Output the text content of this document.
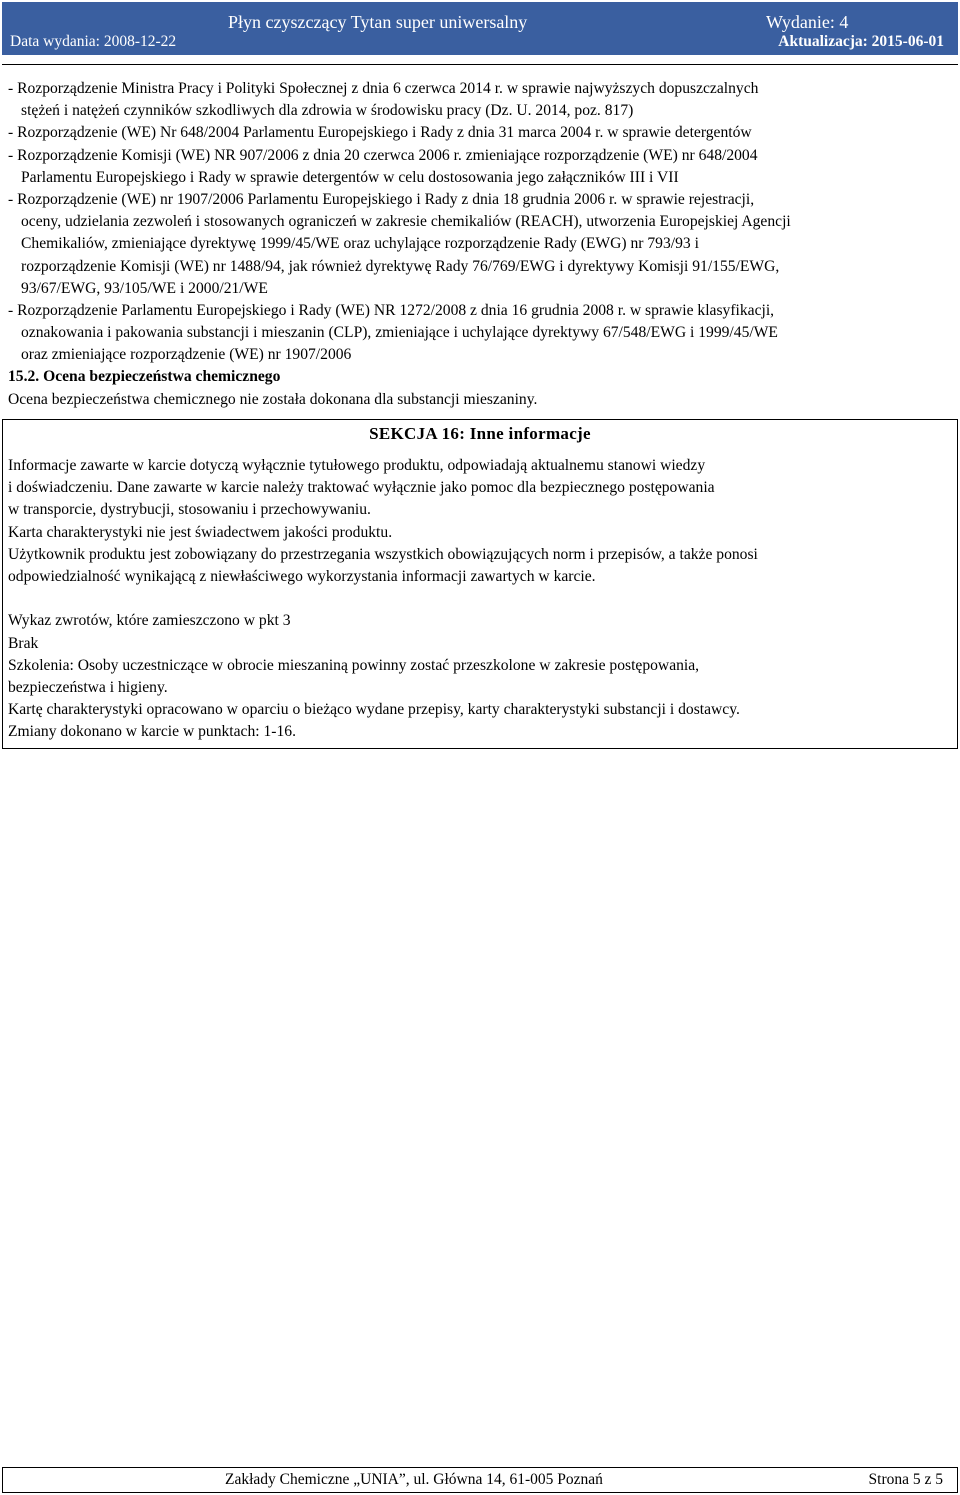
Płyn czyszczący Tytan super uniwersalny
Data wydania: 2008-12-22
Wydanie: 4
Aktualizacja: 2015-06-01
- Rozporządzenie Ministra Pracy i Polityki Społecznej z dnia 6 czerwca 2014 r. w sprawie najwyższych dopuszczalnych
stężeń i natężeń czynników szkodliwych dla zdrowia w środowisku pracy (Dz. U. 2014, poz. 817)
- Rozporządzenie (WE) Nr 648/2004 Parlamentu Europejskiego i Rady z dnia 31 marca 2004 r. w sprawie detergentów
- Rozporządzenie Komisji (WE) NR 907/2006 z dnia 20 czerwca 2006 r. zmieniające rozporządzenie (WE) nr 648/2004
Parlamentu Europejskiego i Rady w sprawie detergentów w celu dostosowania jego załączników III i VII
- Rozporządzenie (WE) nr 1907/2006 Parlamentu Europejskiego i Rady z dnia 18 grudnia 2006 r. w sprawie rejestracji,
oceny, udzielania zezwoleń i stosowanych ograniczeń w zakresie chemikaliów (REACH), utworzenia Europejskiej Agencji
Chemikaliów, zmieniające dyrektywę 1999/45/WE oraz uchylające rozporządzenie Rady (EWG) nr 793/93 i
rozporządzenie Komisji (WE) nr 1488/94, jak również dyrektywę Rady 76/769/EWG i dyrektywy Komisji 91/155/EWG,
93/67/EWG, 93/105/WE i 2000/21/WE
- Rozporządzenie Parlamentu Europejskiego i Rady (WE) NR 1272/2008 z dnia 16 grudnia 2008 r. w sprawie klasyfikacji,
oznakowania i pakowania substancji i mieszanin (CLP), zmieniające i uchylające dyrektywy 67/548/EWG i 1999/45/WE
oraz zmieniające rozporządzenie (WE) nr 1907/2006
15.2. Ocena bezpieczeństwa chemicznego
Ocena bezpieczeństwa chemicznego nie została dokonana dla substancji mieszaniny.
SEKCJA 16: Inne informacje
Informacje zawarte w karcie dotyczą wyłącznie tytułowego produktu, odpowiadają aktualnemu stanowi wiedzy
i doświadczeniu. Dane zawarte w karcie należy traktować wyłącznie jako pomoc dla bezpiecznego postępowania
w transporcie, dystrybucji, stosowaniu i przechowywaniu.
Karta charakterystyki nie jest świadectwem jakości produktu.
Użytkownik produktu jest zobowiązany do przestrzegania wszystkich obowiązujących norm i przepisów, a także ponosi
odpowiedzialność wynikającą z niewłaściwego wykorzystania informacji zawartych w karcie.
Wykaz zwrotów, które zamieszczono w pkt 3
Brak
Szkolenia: Osoby uczestniczące w obrocie mieszaniną powinny zostać przeszkolone w zakresie postępowania,
bezpieczeństwa i higieny.
Kartę charakterystyki opracowano w oparciu o bieżąco wydane przepisy, karty charakterystyki substancji i dostawcy.
Zmiany dokonano w karcie w punktach: 1-16.
Zakłady Chemiczne „UNIA”, ul. Główna 14, 61-005 Poznań	Strona 5 z 5
